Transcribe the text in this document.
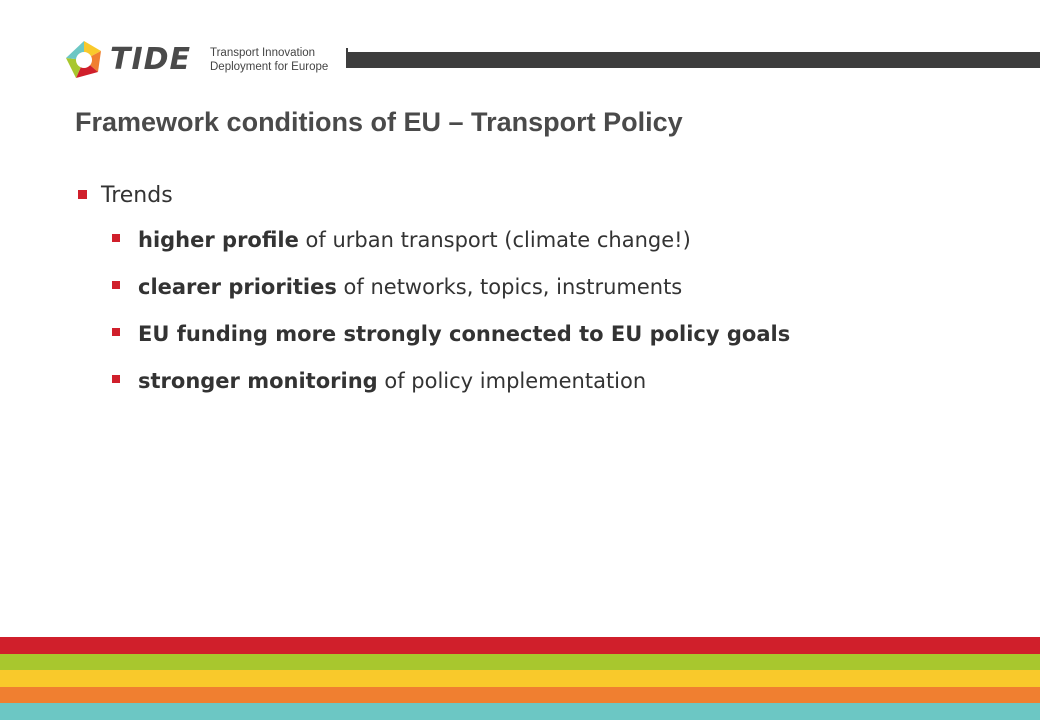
TIDE Transport Innovation
Deployment for Europe
Framework conditions of EU – Transport Policy
Trends
higher profile of urban transport (climate change!)
clearer priorities of networks, topics, instruments
EU funding more strongly connected to EU policy goals
stronger monitoring of policy implementation
